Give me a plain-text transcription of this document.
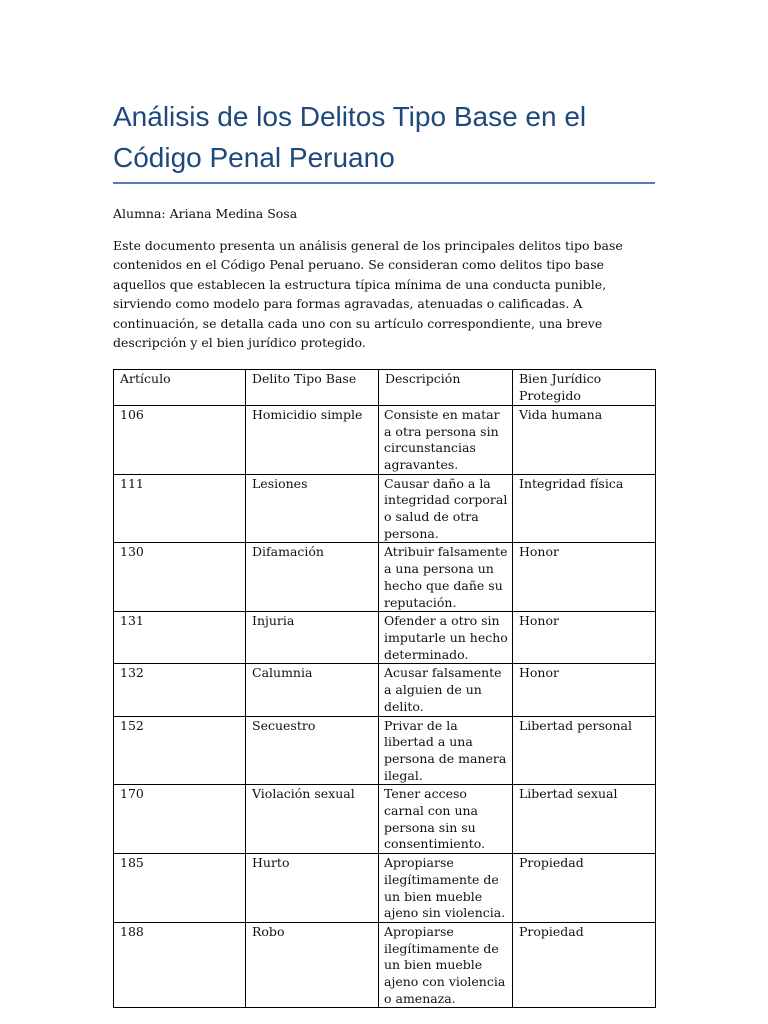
Análisis de los Delitos Tipo Base en el Código Penal Peruano

Alumna: Ariana Medina Sosa

Este documento presenta un análisis general de los principales delitos tipo base contenidos en el Código Penal peruano. Se consideran como delitos tipo base aquellos que establecen la estructura típica mínima de una conducta punible, sirviendo como modelo para formas agravadas, atenuadas o calificadas. A continuación, se detalla cada uno con su artículo correspondiente, una breve descripción y el bien jurídico protegido.

Artículo	Delito Tipo Base	Descripción	Bien Jurídico Protegido
106	Homicidio simple	Consiste en matar a otra persona sin circunstancias agravantes.	Vida humana
111	Lesiones	Causar daño a la integridad corporal o salud de otra persona.	Integridad física
130	Difamación	Atribuir falsamente a una persona un hecho que dañe su reputación.	Honor
131	Injuria	Ofender a otro sin imputarle un hecho determinado.	Honor
132	Calumnia	Acusar falsamente a alguien de un delito.	Honor
152	Secuestro	Privar de la libertad a una persona de manera ilegal.	Libertad personal
170	Violación sexual	Tener acceso carnal con una persona sin su consentimiento.	Libertad sexual
185	Hurto	Apropiarse ilegítimamente de un bien mueble ajeno sin violencia.	Propiedad
188	Robo	Apropiarse ilegítimamente de un bien mueble ajeno con violencia o amenaza.	Propiedad
